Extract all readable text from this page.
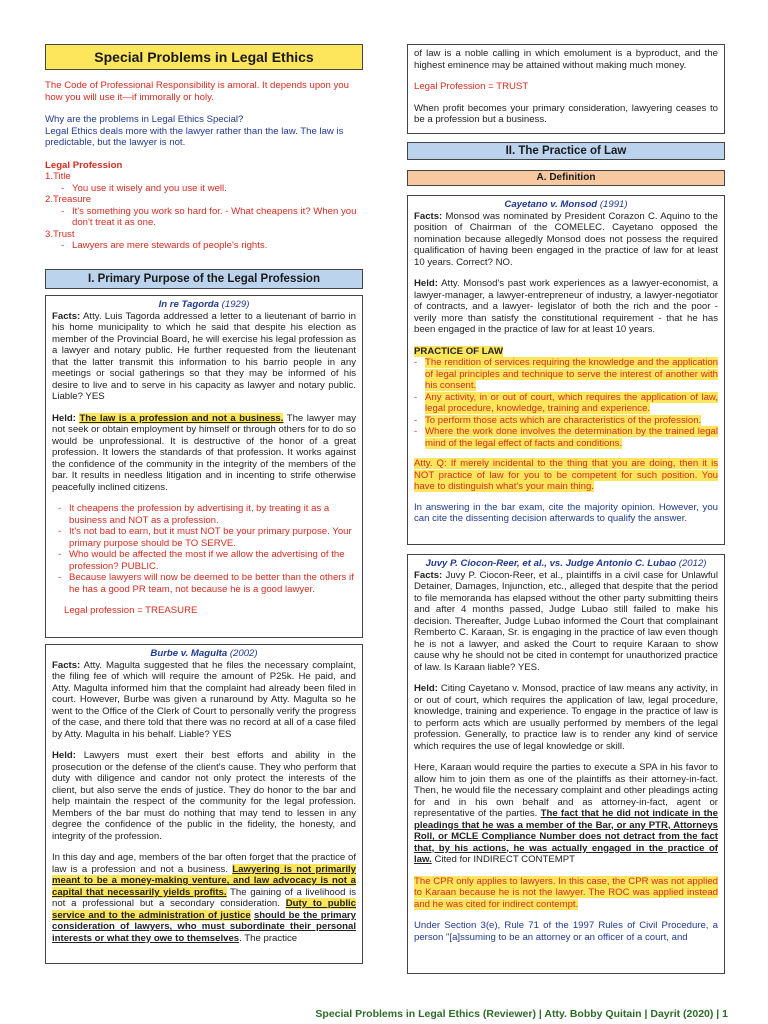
Special Problems in Legal Ethics

The Code of Professional Responsibility is amoral. It depends upon you how you will use it—if immorally or holy.

Why are the problems in Legal Ethics Special?

Legal Ethics deals more with the lawyer rather than the law. The law is predictable, but the lawyer is not.

Legal Profession

1.Title

- You use it wisely and you use it well.

2.Treasure

- It's something you work so hard for. - What cheapens it? When you don't treat it as one.

3.Trust

- Lawyers are mere stewards of people's rights.
I. Primary Purpose of the Legal Profession

In re Tagorda (1929)

Facts: Atty. Luis Tagorda addressed a letter to a lieutenant of barrio in his home municipality to which he said that despite his election as member of the Provincial Board, he will exercise his legal profession as a lawyer and notary public. He further requested from the lieutenant that the latter transmit this information to his barrio people in any meetings or social gatherings so that they may be informed of his desire to live and to serve in his capacity as lawyer and notary public. Liable? YES

Held: The law is a profession and not a business. The lawyer may not seek or obtain employment by himself or through others for to do so would be unprofessional. It is destructive of the honor of a great profession. It lowers the standards of that profession. It works against the confidence of the community in the integrity of the members of the bar. It results in needless litigation and in incenting to strife otherwise peacefully inclined citizens.

- It cheapens the profession by advertising it, by treating it as a business and NOT as a profession.
- It's not bad to earn, but it must NOT be your primary purpose. Your primary purpose should be TO SERVE.
- Who would be affected the most if we allow the advertising of the profession? PUBLIC.
- Because lawyers will now be deemed to be better than the others if he has a good PR team, not because he is a good lawyer.

Legal profession = TREASURE

Burbe v. Magulta (2002)

Facts: Atty. Magulta suggested that he files the necessary complaint, the filing fee of which will require the amount of P25k. He paid, and Atty. Magulta informed him that the complaint had already been filed in court. However, Burbe was given a runaround by Atty. Magulta so he went to the Office of the Clerk of Court to personally verify the progress of the case, and there told that there was no record at all of a case filed by Atty. Magulta in his behalf. Liable? YES

Held: Lawyers must exert their best efforts and ability in the prosecution or the defense of the client's cause. They who perform that duty with diligence and candor not only protect the interests of the client, but also serve the ends of justice. They do honor to the bar and help maintain the respect of the community for the legal profession. Members of the bar must do nothing that may tend to lessen in any degree the confidence of the public in the fidelity, the honesty, and integrity of the profession.

In this day and age, members of the bar often forget that the practice of law is a profession and not a business. Lawyering is not primarily meant to be a money-making venture, and law advocacy is not a capital that necessarily yields profits. The gaining of a livelihood is not a professional but a secondary consideration. Duty to public service and to the administration of justice should be the primary consideration of lawyers, who must subordinate their personal interests or what they owe to themselves. The practice

of law is a noble calling in which emolument is a byproduct, and the highest eminence may be attained without making much money.

Legal Profession = TRUST

When profit becomes your primary consideration, lawyering ceases to be a profession but a business.

II. The Practice of Law
A. Definition

Cayetano v. Monsod (1991)

Facts: Monsod was nominated by President Corazon C. Aquino to the position of Chairman of the COMELEC. Cayetano opposed the nomination because allegedly Monsod does not possess the required qualification of having been engaged in the practice of law for at least 10 years. Correct? NO.

Held: Atty. Monsod's past work experiences as a lawyer-economist, a lawyer-manager, a lawyer-entrepreneur of industry, a lawyer-negotiator of contracts, and a lawyer- legislator of both the rich and the poor - verily more than satisfy the constitutional requirement - that he has been engaged in the practice of law for at least 10 years.

PRACTICE OF LAW

- The rendition of services requiring the knowledge and the application of legal principles and technique to serve the interest of another with his consent.
- Any activity, in or out of court, which requires the application of law, legal procedure, knowledge, training and experience.
- To perform those acts which are characteristics of the profession.
- Where the work done involves the determination by the trained legal mind of the legal effect of facts and conditions.

Atty. Q: If merely incidental to the thing that you are doing, then it is NOT practice of law for you to be competent for such position. You have to distinguish what's your main thing.

In answering in the bar exam, cite the majority opinion. However, you can cite the dissenting decision afterwards to qualify the answer.

Juvy P. Ciocon-Reer, et al., vs. Judge Antonio C. Lubao (2012)

Facts: Juvy P. Ciocon-Reer, et al., plaintiffs in a civil case for Unlawful Detainer, Damages, Injunction, etc., alleged that despite that the period to file memoranda has elapsed without the other party submitting theirs and after 4 months passed, Judge Lubao still failed to make his decision. Thereafter, Judge Lubao informed the Court that complainant Remberto C. Karaan, Sr. is engaging in the practice of law even though he is not a lawyer, and asked the Court to require Karaan to show cause why he should not be cited in contempt for unauthorized practice of law. Is Karaan liable? YES.

Held: Citing Cayetano v. Monsod, practice of law means any activity, in or out of court, which requires the application of law, legal procedure, knowledge, training and experience. To engage in the practice of law is to perform acts which are usually performed by members of the legal profession. Generally, to practice law is to render any kind of service which requires the use of legal knowledge or skill.

Here, Karaan would require the parties to execute a SPA in his favor to allow him to join them as one of the plaintiffs as their attorney-in-fact. Then, he would file the necessary complaint and other pleadings acting for and in his own behalf and as attorney-in-fact, agent or representative of the parties. The fact that he did not indicate in the pleadings that he was a member of the Bar, or any PTR, Attorneys Roll, or MCLE Compliance Number does not detract from the fact that, by his actions, he was actually engaged in the practice of law. Cited for INDIRECT CONTEMPT

The CPR only applies to lawyers. In this case, the CPR was not applied to Karaan because he is not the lawyer. The ROC was applied instead and he was cited for indirect contempt.

Under Section 3(e), Rule 71 of the 1997 Rules of Civil Procedure, a person "[a]ssuming to be an attorney or an officer of a court, and

Special Problems in Legal Ethics (Reviewer) | Atty. Bobby Quitain | Dayrit (2020) | 1
